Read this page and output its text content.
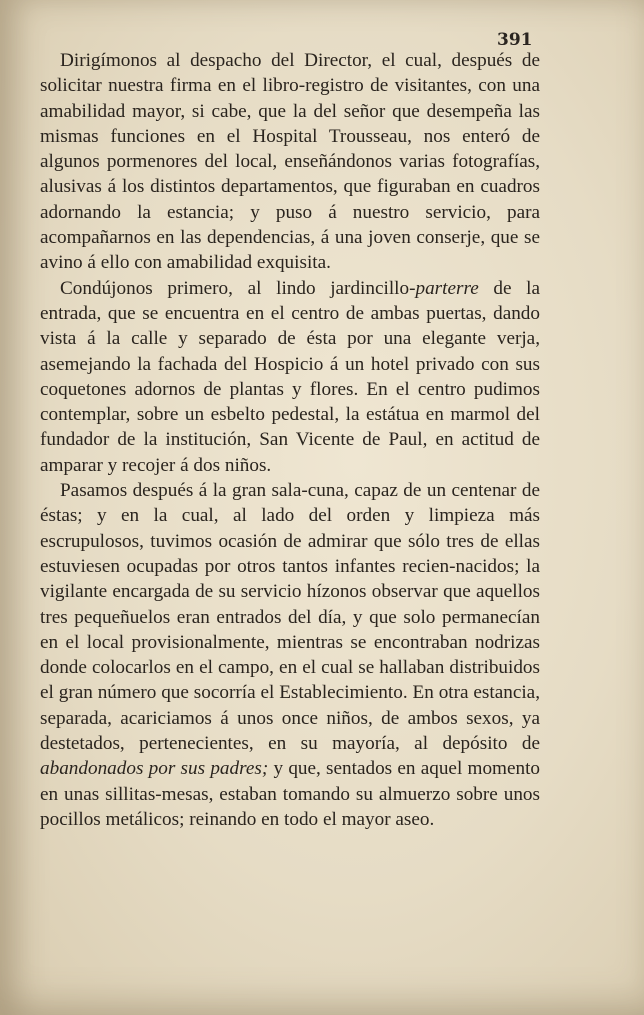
391

Dirigímonos al despacho del Director, el cual, después de solicitar nuestra firma en el libro-registro de visitantes, con una amabilidad mayor, si cabe, que la del señor que desempeña las mismas funciones en el Hospital Trousseau, nos enteró de algunos pormenores del local, enseñándonos varias fotografías, alusivas á los distintos departamentos, que figuraban en cuadros adornando la estancia; y puso á nuestro servicio, para acompañarnos en las dependencias, á una joven conserje, que se avino á ello con amabilidad exquisita.

Condújonos primero, al lindo jardincillo-parterre de la entrada, que se encuentra en el centro de ambas puertas, dando vista á la calle y separado de ésta por una elegante verja, asemejando la fachada del Hospicio á un hotel privado con sus coquetones adornos de plantas y flores. En el centro pudimos contemplar, sobre un esbelto pedestal, la estátua en marmol del fundador de la institución, San Vicente de Paul, en actitud de amparar y recojer á dos niños.

Pasamos después á la gran sala-cuna, capaz de un centenar de éstas; y en la cual, al lado del orden y limpieza más escrupulosos, tuvimos ocasión de admirar que sólo tres de ellas estuviesen ocupadas por otros tantos infantes recien-nacidos; la vigilante encargada de su servicio hízonos observar que aquellos tres pequeñuelos eran entrados del día, y que solo permanecían en el local provisionalmente, mientras se encontraban nodrizas donde colocarlos en el campo, en el cual se hallaban distribuidos el gran número que socorría el Establecimiento. En otra estancia, separada, acariciamos á unos once niños, de ambos sexos, ya destetados, pertenecientes, en su mayoría, al depósito de abandonados por sus padres; y que, sentados en aquel momento en unas sillitas-mesas, estaban tomando su almuerzo sobre unos pocillos metálicos; reinando en todo el mayor aseo.
